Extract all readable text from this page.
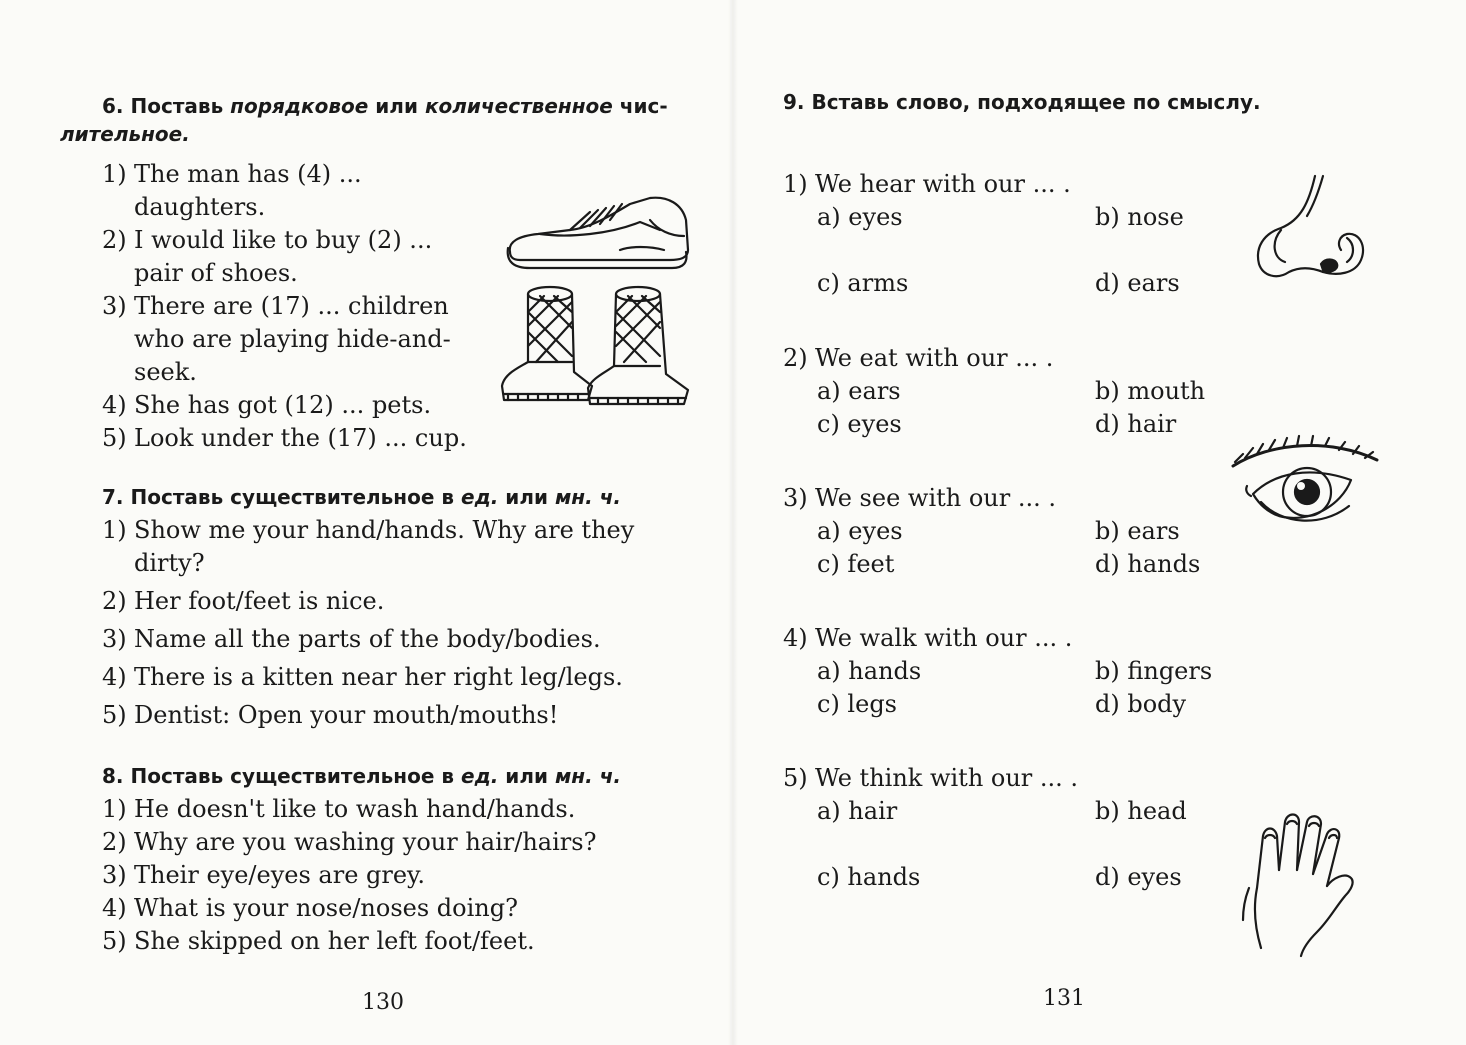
6. Поставь порядковое или количественное чис-

лительное.

1) The man has (4) ...
daughters.
2) I would like to buy (2) ...
pair of shoes.
3) There are (17) ... children
who are playing hide-and-
seek.
4) She has got (12) ... pets.
5) Look under the (17) ... cup.

7. Поставь существительное в ед. или мн. ч.

1) Show me your hand/hands. Why are they
dirty?
2) Her foot/feet is nice.
3) Name all the parts of the body/bodies.
4) There is a kitten near her right leg/legs.
5) Dentist: Open your mouth/mouths!

8. Поставь существительное в ед. или мн. ч.

1) He doesn't like to wash hand/hands.
2) Why are you washing your hair/hairs?
3) Their eye/eyes are grey.
4) What is your nose/noses doing?
5) She skipped on her left foot/feet.
130

9. Вставь слово, подходящее по смыслу.

1) We hear with our ... .
a) eyes	b) nose
c) arms	d) ears
2) We eat with our ... .
a) ears	b) mouth
c) eyes	d) hair
3) We see with our ... .
a) eyes	b) ears
c) feet	d) hands
4) We walk with our ... .
a) hands	b) fingers
c) legs	d) body
5) We think with our ... .
a) hair	b) head
c) hands	d) eyes
131
